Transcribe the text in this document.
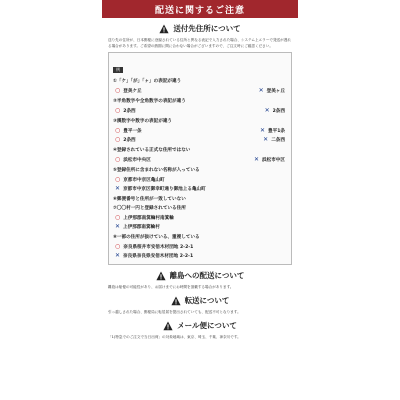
配送に関するご注意
送付先住所について

送り先の住所が、日本郵便に登録されている住所と異なる表記で入力された場合、システム上エラーで発送が遅れる場合があります。ご希望の納期に間に合わない場合がございますので、ご注文時にご確認ください。

例
①「ケ」「が」「ヶ」の表記が違う
○ 登美ケ丘	✕ 登美ヶ丘
②半角数字や全角数字の表記が違う
○ 2条西	✕ 2条西
③漢数字や数字の表記が違う
○ 豊平一条	✕ 豊平1条
○ 2条西	✕ 二条西
④登録されている正式な住所ではない
○ 浜松市中央区	✕ 浜松市中区
⑤登録住所に含まれない名称が入っている
○ 京都市中京区亀山町
✕ 京都市中京区御幸町通り御池上る亀山町
⑥郵便番号と住所が一致していない
⑦〇〇村一円と登録されている住所
○ 上伊那郡南箕輪村南箕輪
✕ 上伊那郡南箕輪村
⑧一部の住所が抜けている、重複している
○ 奈良県桜井市安倍木材団地 2-2-1
✕ 奈良県奈良県安倍木材団地 2-2-1
離島への配送について

離島は船便の可能性があり、お届けまでにお時間を頂戴する場合があります。

転送について

引っ越しされた場合、郵便局に転居届を提出されていても、配送不可となります。

メール便について

「1)特急でのご注文で当日出荷」の対象地域は、東京、埼玉、千葉、神奈川です。
